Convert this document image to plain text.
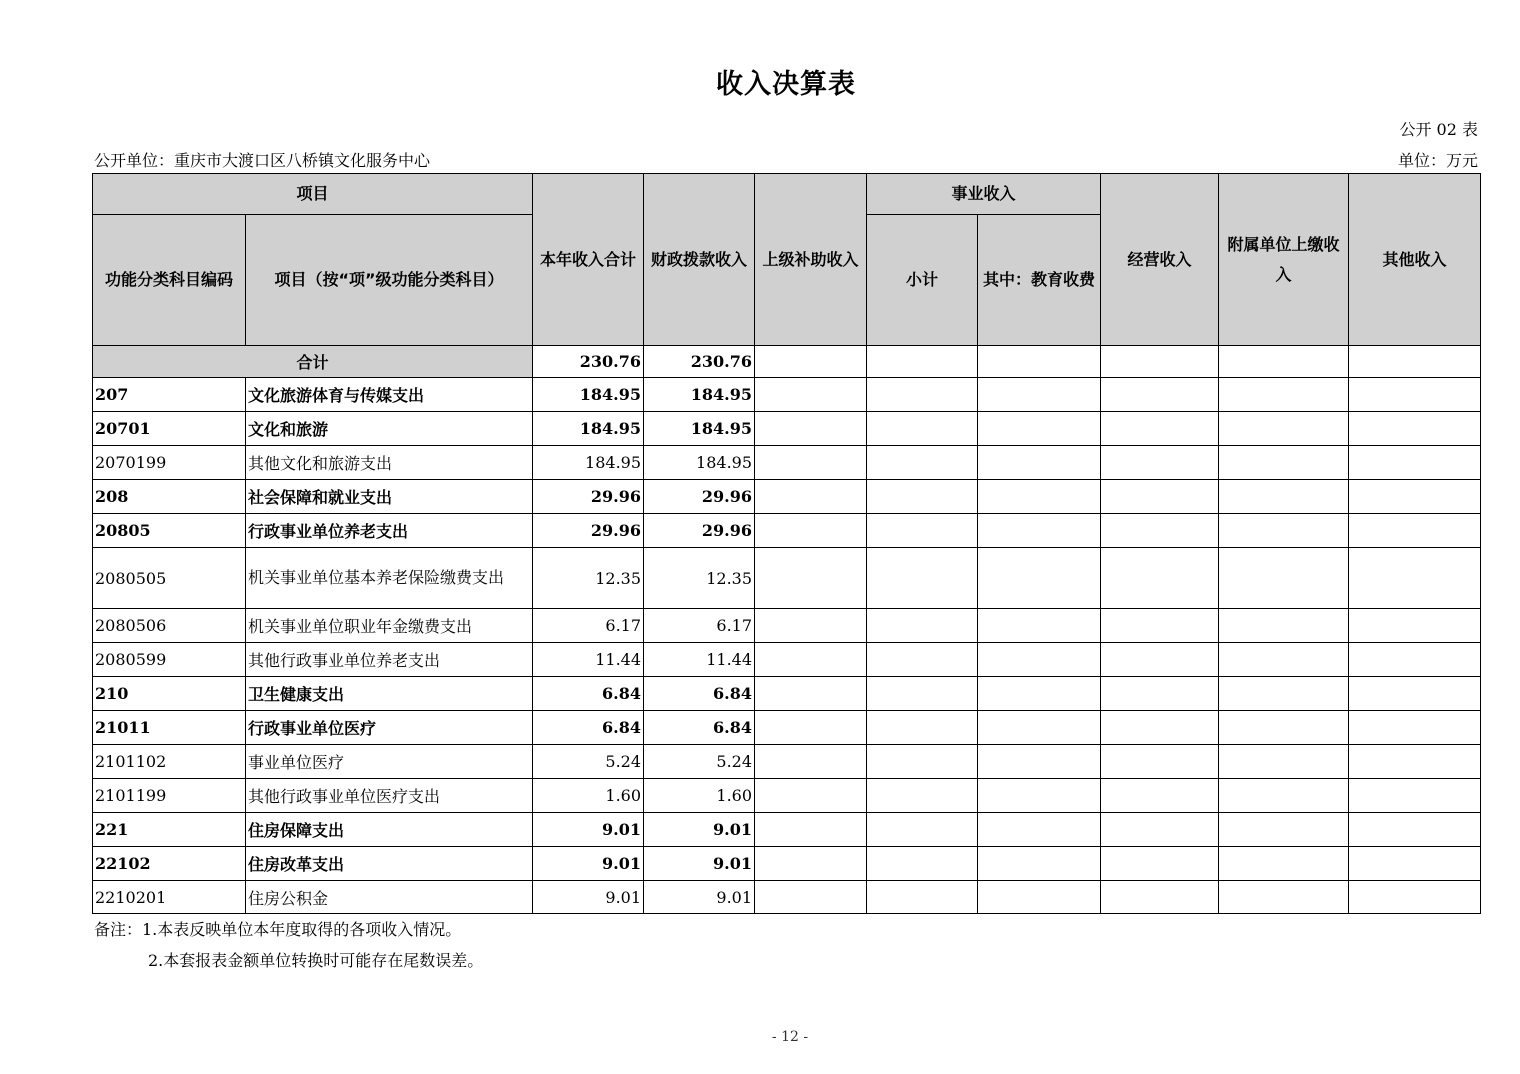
收入决算表
公开 02 表
公开单位：重庆市大渡口区八桥镇文化服务中心	单位：万元
项目		本年收入合计	财政拨款收入	上级补助收入	事业收入		经营收入	附属单位上缴收入	其他收入
功能分类科目编码	项目（按“项”级功能分类科目）				小计	其中：教育收费			
合计		230.76	230.76						
207	文化旅游体育与传媒支出	184.95	184.95						
20701	文化和旅游	184.95	184.95						
2070199	其他文化和旅游支出	184.95	184.95						
208	社会保障和就业支出	29.96	29.96						
20805	行政事业单位养老支出	29.96	29.96						
2080505	机关事业单位基本养老保险缴费支出	12.35	12.35						
2080506	机关事业单位职业年金缴费支出	6.17	6.17						
2080599	其他行政事业单位养老支出	11.44	11.44						
210	卫生健康支出	6.84	6.84						
21011	行政事业单位医疗	6.84	6.84						
2101102	事业单位医疗	5.24	5.24						
2101199	其他行政事业单位医疗支出	1.60	1.60						
221	住房保障支出	9.01	9.01						
22102	住房改革支出	9.01	9.01						
2210201	住房公积金	9.01	9.01						
备注：1.本表反映单位本年度取得的各项收入情况。
2.本套报表金额单位转换时可能存在尾数误差。
- 12 -
